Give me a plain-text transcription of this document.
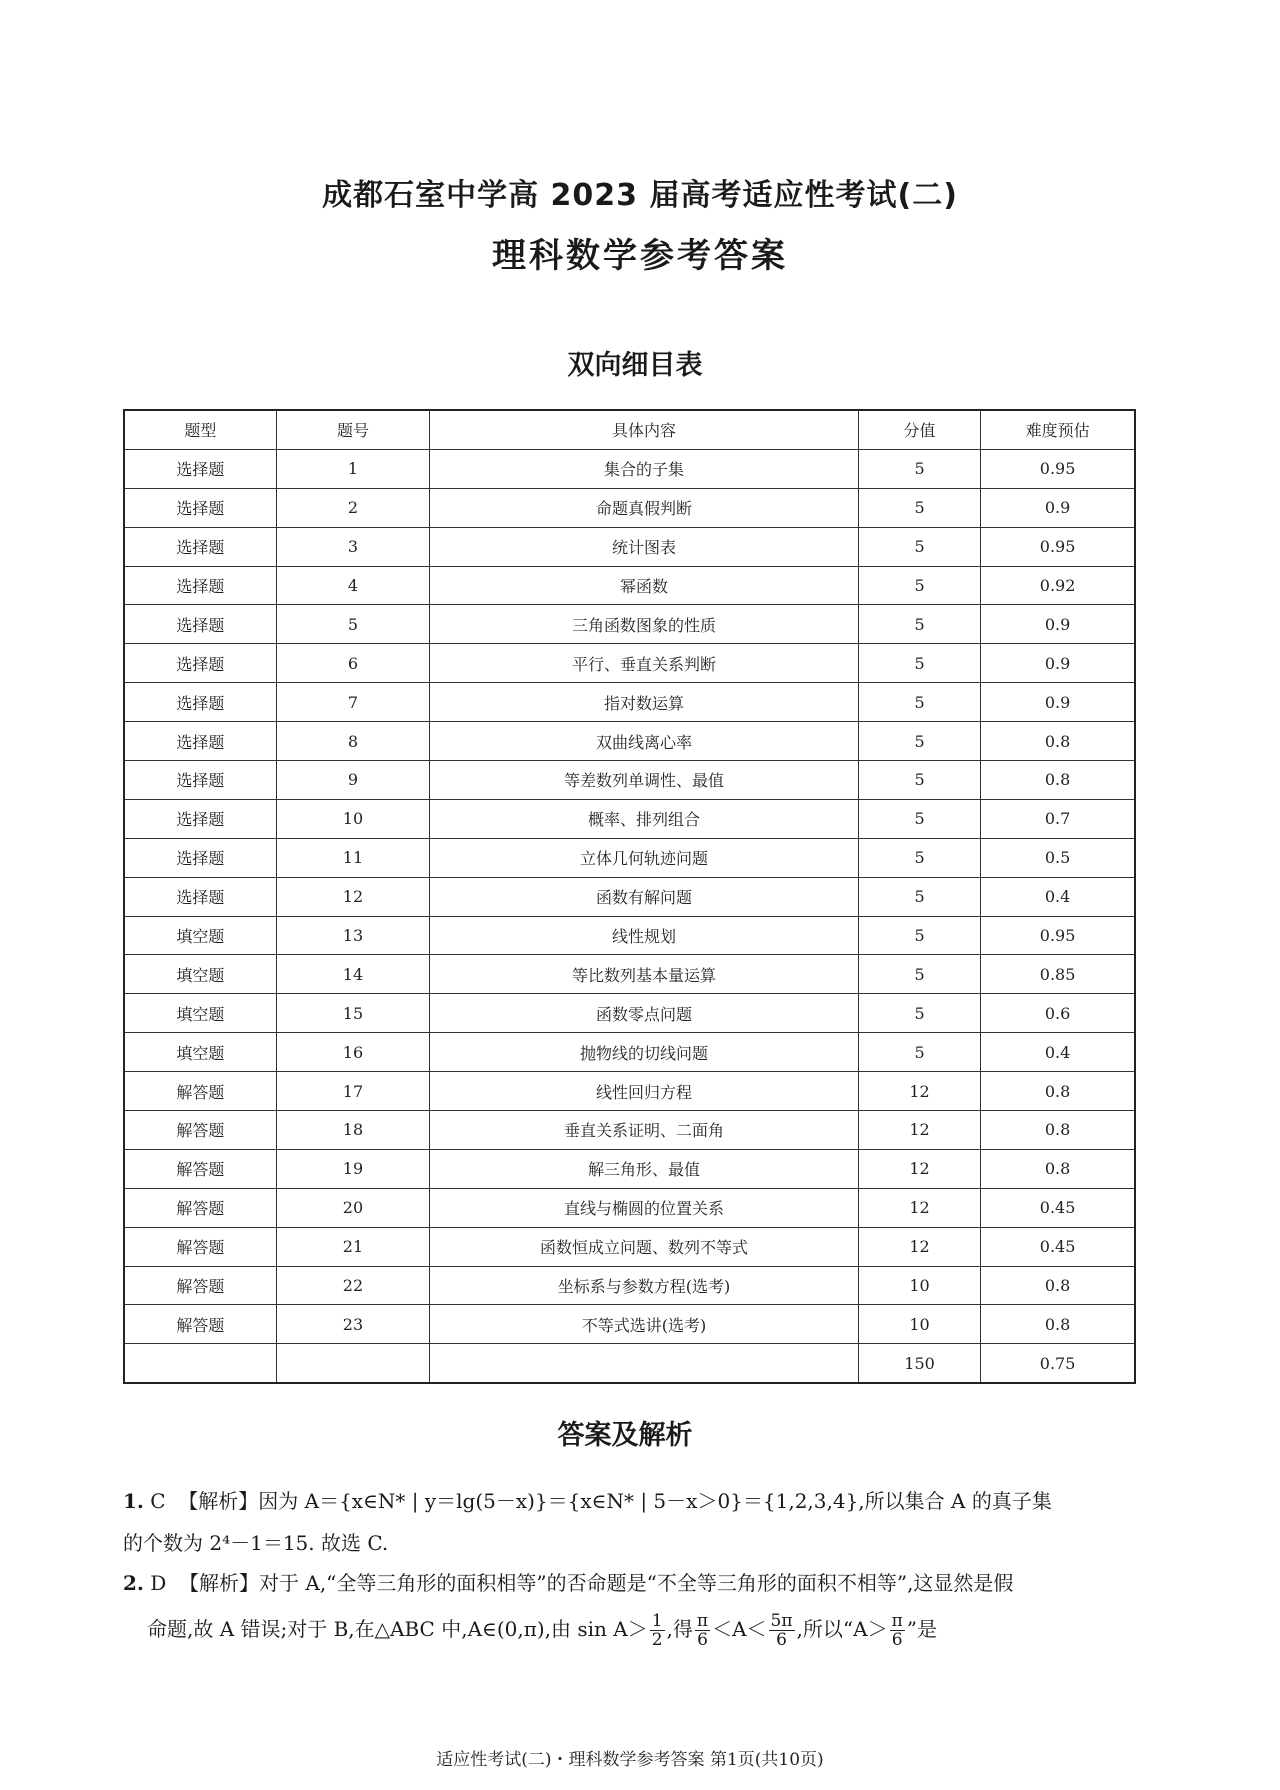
成都石室中学高 2023 届高考适应性考试(二)
理科数学参考答案
双向细目表
题型	题号	具体内容	分值	难度预估
选择题	1	集合的子集	5	0.95
选择题	2	命题真假判断	5	0.9
选择题	3	统计图表	5	0.95
选择题	4	幂函数	5	0.92
选择题	5	三角函数图象的性质	5	0.9
选择题	6	平行、垂直关系判断	5	0.9
选择题	7	指对数运算	5	0.9
选择题	8	双曲线离心率	5	0.8
选择题	9	等差数列单调性、最值	5	0.8
选择题	10	概率、排列组合	5	0.7
选择题	11	立体几何轨迹问题	5	0.5
选择题	12	函数有解问题	5	0.4
填空题	13	线性规划	5	0.95
填空题	14	等比数列基本量运算	5	0.85
填空题	15	函数零点问题	5	0.6
填空题	16	抛物线的切线问题	5	0.4
解答题	17	线性回归方程	12	0.8
解答题	18	垂直关系证明、二面角	12	0.8
解答题	19	解三角形、最值	12	0.8
解答题	20	直线与椭圆的位置关系	12	0.45
解答题	21	函数恒成立问题、数列不等式	12	0.45
解答题	22	坐标系与参数方程(选考)	10	0.8
解答题	23	不等式选讲(选考)	10	0.8
			150	0.75
答案及解析
1. C 【解析】因为 A＝{x∈N* | y＝lg(5－x)}＝{x∈N* | 5－x＞0}＝{1,2,3,4},所以集合 A 的真子集
的个数为 2⁴－1＝15. 故选 C.
2. D 【解析】对于 A,“全等三角形的面积相等”的否命题是“不全等三角形的面积不相等”,这显然是假
命题,故 A 错误;对于 B,在△ABC 中,A∈(0,π),由 $\sin A> \frac{1}{2}$ ,得 $\frac{\pi}{6} <A< \frac{5\pi}{6}$ ,所以“$A> \frac{\pi}{6}$ ”是
适应性考试(二)・理科数学参考答案 第1页(共10页)
